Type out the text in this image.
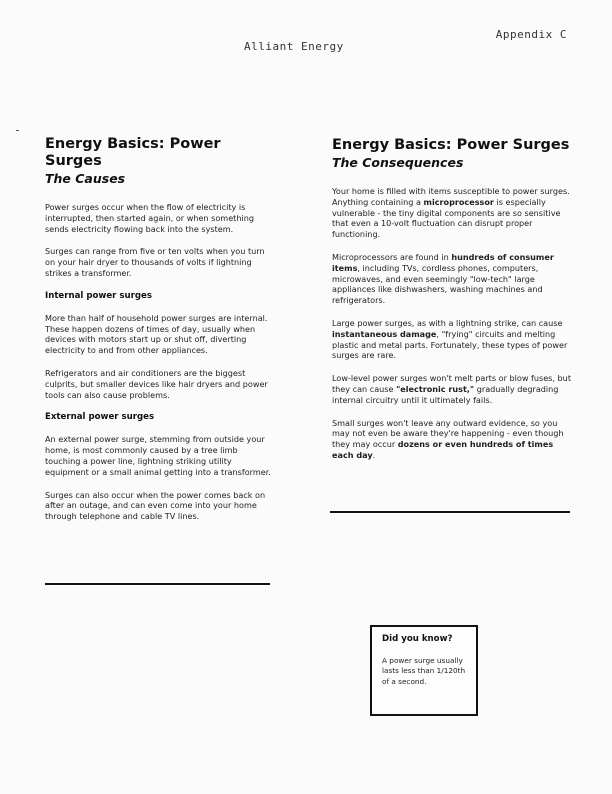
Appendix C
Alliant Energy
Energy Basics: Power Surges
The Causes

Power surges occur when the flow of electricity is interrupted, then started again, or when something sends electricity flowing back into the system.

Surges can range from five or ten volts when you turn on your hair dryer to thousands of volts if lightning strikes a transformer.

Internal power surges

More than half of household power surges are internal. These happen dozens of times of day, usually when devices with motors start up or shut off, diverting electricity to and from other appliances.

Refrigerators and air conditioners are the biggest culprits, but smaller devices like hair dryers and power tools can also cause problems.

External power surges

An external power surge, stemming from outside your home, is most commonly caused by a tree limb touching a power line, lightning striking utility equipment or a small animal getting into a transformer.

Surges can also occur when the power comes back on after an outage, and can even come into your home through telephone and cable TV lines.

Energy Basics: Power Surges
The Consequences

Your home is filled with items susceptible to power surges. Anything containing a microprocessor is especially vulnerable - the tiny digital components are so sensitive that even a 10-volt fluctuation can disrupt proper functioning.

Microprocessors are found in hundreds of consumer items, including TVs, cordless phones, computers, microwaves, and even seemingly "low-tech" large appliances like dishwashers, washing machines and refrigerators.

Large power surges, as with a lightning strike, can cause instantaneous damage, "frying" circuits and melting plastic and metal parts. Fortunately, these types of power surges are rare.

Low-level power surges won't melt parts or blow fuses, but they can cause "electronic rust," gradually degrading internal circuitry until it ultimately fails.

Small surges won't leave any outward evidence, so you may not even be aware they're happening - even though they may occur dozens or even hundreds of times each day.

Did you know?

A power surge usually lasts less than 1/120th of a second.
